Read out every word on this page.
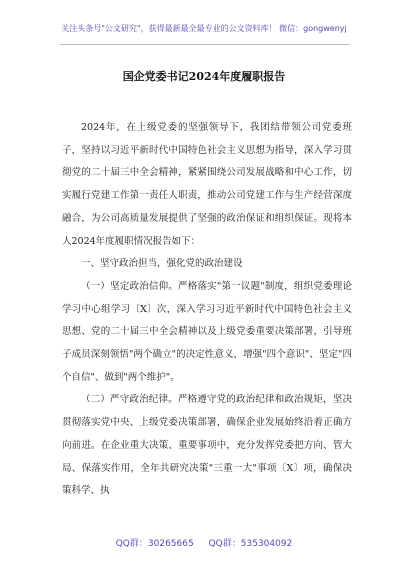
关注头条号"公文研究"，获得最新最全最专业的公文资料库！ 微信：gongwenyj
国企党委书记2024年度履职报告

2024年，在上级党委的坚强领导下，我团结带领公司党委班子，坚持以习近平新时代中国特色社会主义思想为指导，深入学习贯彻党的二十届三中全会精神，紧紧围绕公司发展战略和中心工作，切实履行党建工作第一责任人职责，推动公司党建工作与生产经营深度融合，为公司高质量发展提供了坚强的政治保证和组织保证。现将本人2024年度履职情况报告如下：

一、坚守政治担当，强化党的政治建设

（一）坚定政治信仰。严格落实"第一议题"制度，组织党委理论学习中心组学习〔X〕次，深入学习习近平新时代中国特色社会主义思想、党的二十届三中全会精神以及上级党委重要决策部署，引导班子成员深刻领悟"两个确立"的决定性意义，增强"四个意识"、坚定"四个自信"、做到"两个维护"。

（二）严守政治纪律。严格遵守党的政治纪律和政治规矩，坚决贯彻落实党中央、上级党委决策部署，确保企业发展始终沿着正确方向前进。在企业重大决策、重要事项中，充分发挥党委把方向、管大局、保落实作用，全年共研究决策"三重一大"事项〔X〕项，确保决策科学、执

QQ群：30265665 QQ群：535304092
